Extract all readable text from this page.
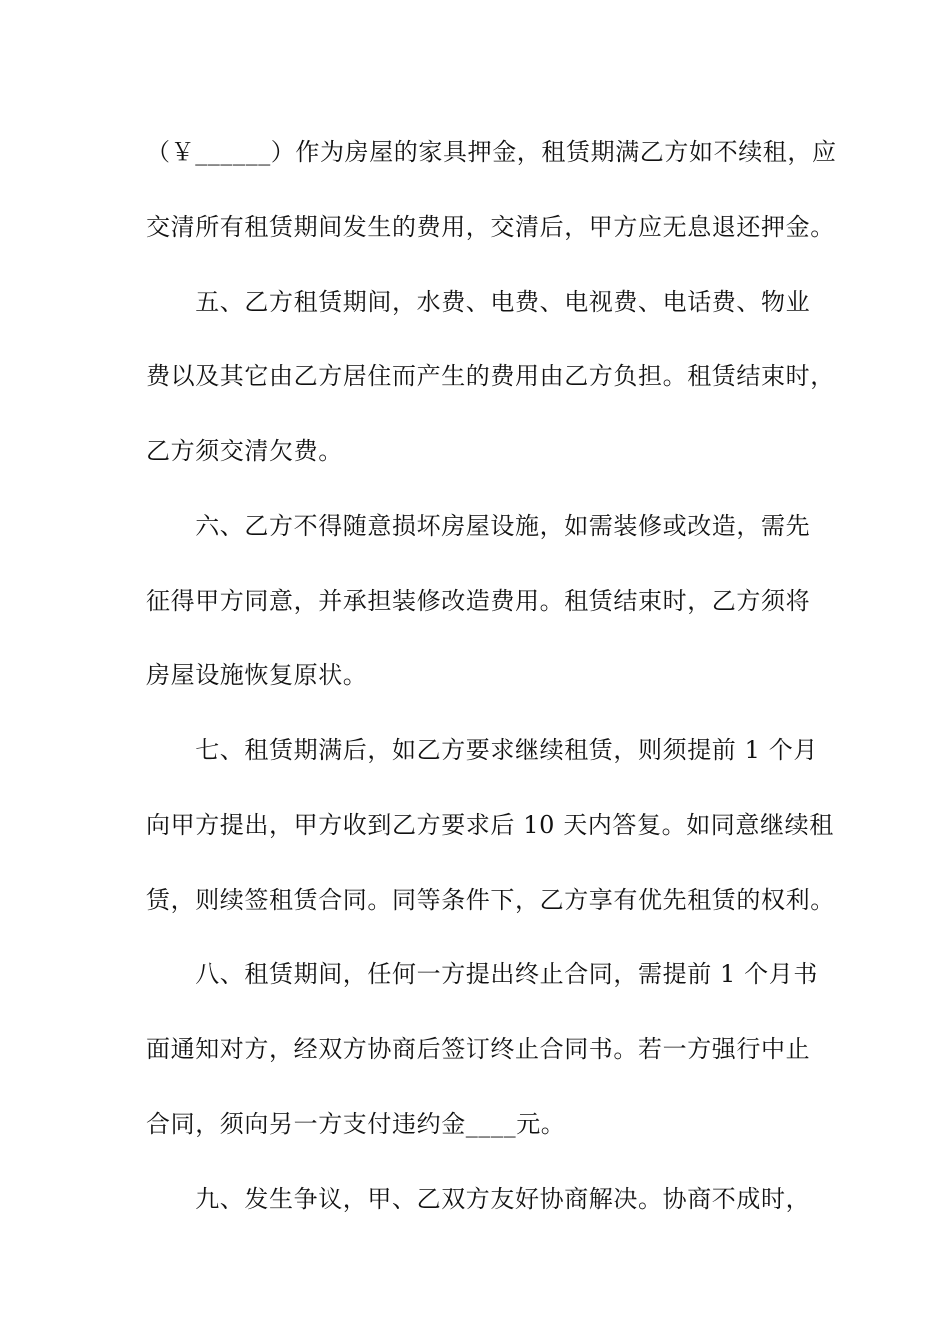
（￥______）作为房屋的家具押金，租赁期满乙方如不续租，应
交清所有租赁期间发生的费用，交清后，甲方应无息退还押金。
　　五、乙方租赁期间，水费、电费、电视费、电话费、物业
费以及其它由乙方居住而产生的费用由乙方负担。租赁结束时，
乙方须交清欠费。
　　六、乙方不得随意损坏房屋设施，如需装修或改造，需先
征得甲方同意，并承担装修改造费用。租赁结束时，乙方须将
房屋设施恢复原状。
　　七、租赁期满后，如乙方要求继续租赁，则须提前 1 个月
向甲方提出，甲方收到乙方要求后 10 天内答复。如同意继续租
赁，则续签租赁合同。同等条件下，乙方享有优先租赁的权利。
　　八、租赁期间，任何一方提出终止合同，需提前 1 个月书
面通知对方，经双方协商后签订终止合同书。若一方强行中止
合同，须向另一方支付违约金____元。
　　九、发生争议，甲、乙双方友好协商解决。协商不成时，
